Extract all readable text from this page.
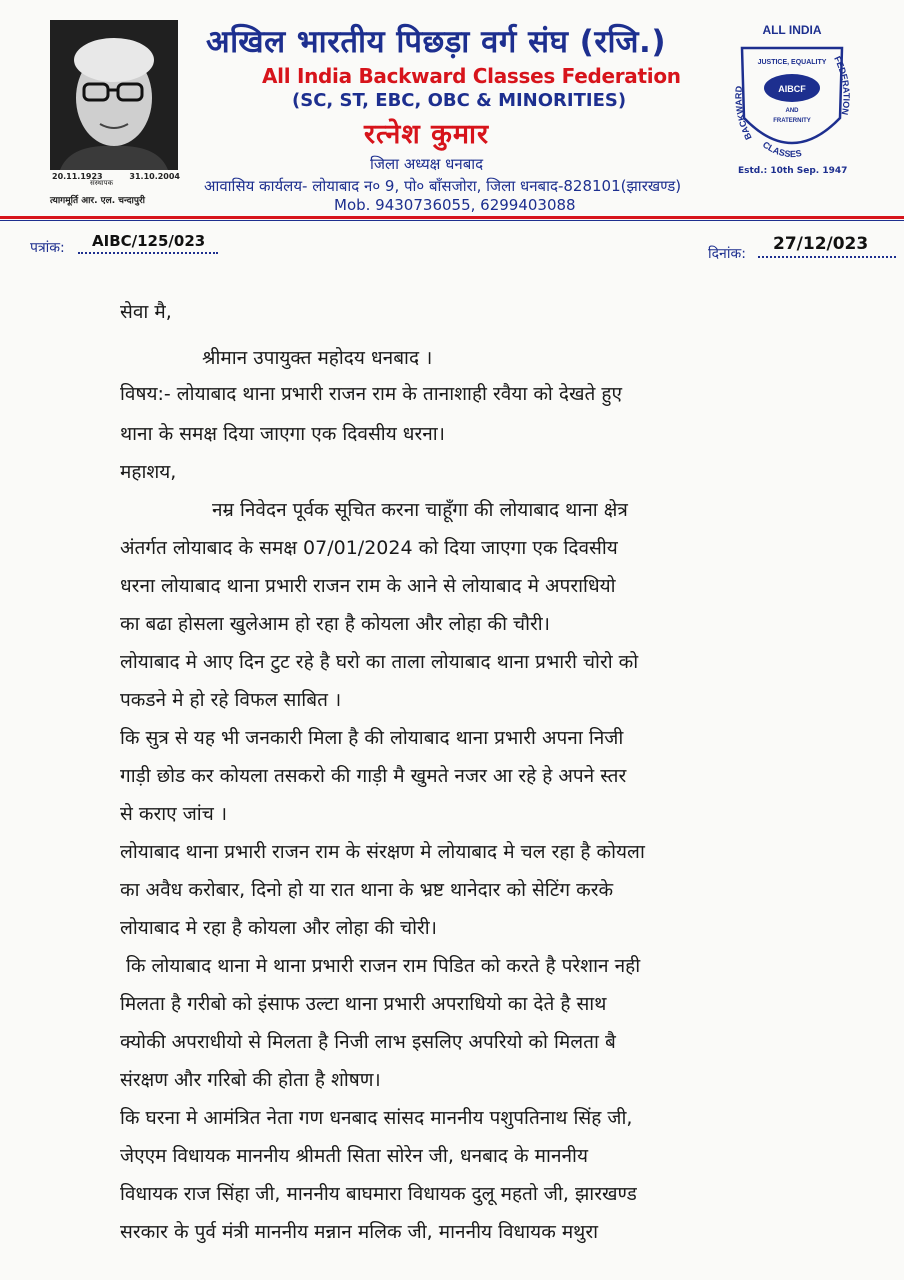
20.11.1923
संस्थापक
31.10.2004
त्यागमूर्ति आर. एल. चन्दापुरी
अखिल भारतीय पिछड़ा वर्ग संघ (रजि.)
All India Backward Classes Federation
(SC, ST, EBC, OBC & MINORITIES)
रत्नेश कुमार
जिला अध्यक्ष धनबाद
आवासिय कार्यलय- लोयाबाद न० 9, पो० बाँसजोरा, जिला धनबाद-828101(झारखण्ड)
Mob. 9430736055, 6299403088
ALL INDIA
BACKWARD
FEDERATION
CLASSES
JUSTICE, EQUALITY
AIBCF
AND
FRATERNITY
Estd.: 10th Sep. 1947
पत्रांक: AIBC/125/023
दिनांक: 27/12/023
सेवा मै,
श्रीमान उपायुक्त महोदय धनबाद ।
विषय:- लोयाबाद थाना प्रभारी राजन राम के तानाशाही रवैया को देखते हुए
थाना के समक्ष दिया जाएगा एक दिवसीय धरना।
महाशय,
नम्र निवेदन पूर्वक सूचित करना चाहूँगा की लोयाबाद थाना क्षेत्र
अंतर्गत लोयाबाद के समक्ष 07/01/2024 को दिया जाएगा एक दिवसीय
धरना लोयाबाद थाना प्रभारी राजन राम के आने से लोयाबाद मे अपराधियो
का बढा होसला खुलेआम हो रहा है कोयला और लोहा की चौरी।
लोयाबाद मे आए दिन टुट रहे है घरो का ताला लोयाबाद थाना प्रभारी चोरो को
पकडने मे हो रहे विफल साबित ।
कि सुत्र से यह भी जनकारी मिला है की लोयाबाद थाना प्रभारी अपना निजी
गाड़ी छोड कर कोयला तसकरो की गाड़ी मै खुमते नजर आ रहे हे अपने स्तर
से कराए जांच ।
लोयाबाद थाना प्रभारी राजन राम के संरक्षण मे लोयाबाद मे चल रहा है कोयला
का अवैध करोबार, दिनो हो या रात थाना के भ्रष्ट थानेदार को सेटिंग करके
लोयाबाद मे रहा है कोयला और लोहा की चोरी।
कि लोयाबाद थाना मे थाना प्रभारी राजन राम पिडित को करते है परेशान नही
मिलता है गरीबो को इंसाफ उल्टा थाना प्रभारी अपराधियो का देते है साथ
क्योकी अपराधीयो से मिलता है निजी लाभ इसलिए अपरियो को मिलता बै
संरक्षण और गरिबो की होता है शोषण।
कि घरना मे आमंत्रित नेता गण धनबाद सांसद माननीय पशुपतिनाथ सिंह जी,
जेएएम विधायक माननीय श्रीमती सिता सोरेन जी, धनबाद के माननीय
विधायक राज सिंहा जी, माननीय बाघमारा विधायक दुलू महतो जी, झारखण्ड
सरकार के पुर्व मंत्री माननीय मन्नान मलिक जी, माननीय विधायक मथुरा
